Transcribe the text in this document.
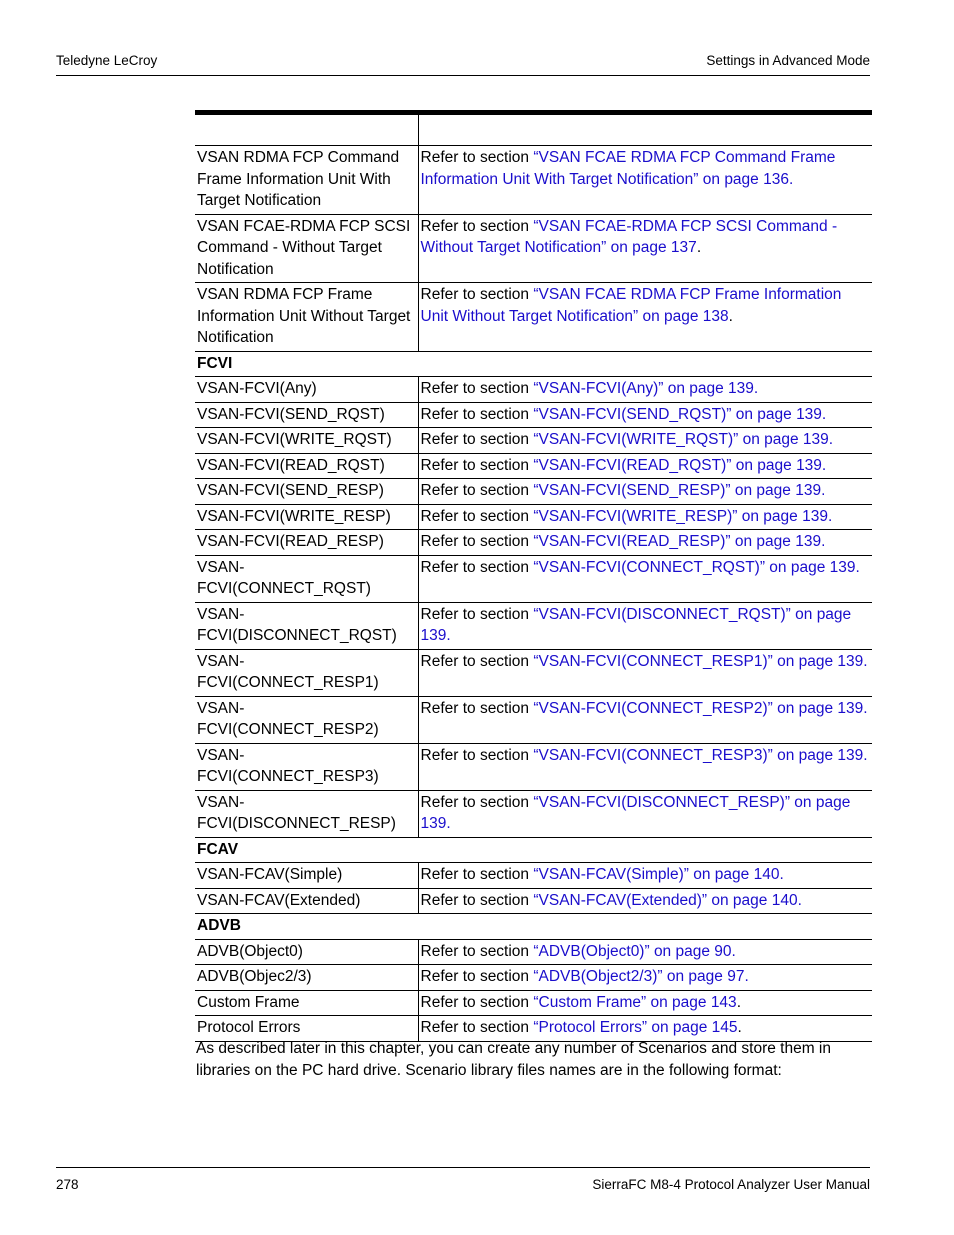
Teledyne LeCroy	Settings in Advanced Mode

VSAN RDMA FCP Command Frame Information Unit With Target Notification	Refer to section “VSAN FCAE RDMA FCP Command Frame Information Unit With Target Notification” on page 136.
VSAN FCAE-RDMA FCP SCSI Command - Without Target Notification	Refer to section “VSAN FCAE-RDMA FCP SCSI Command - Without Target Notification” on page 137.
VSAN RDMA FCP Frame Information Unit Without Target Notification	Refer to section “VSAN FCAE RDMA FCP Frame Information Unit Without Target Notification” on page 138.
FCVI	
VSAN-FCVI(Any)	Refer to section “VSAN-FCVI(Any)” on page 139.
VSAN-FCVI(SEND_RQST)	Refer to section “VSAN-FCVI(SEND_RQST)” on page 139.
VSAN-FCVI(WRITE_RQST)	Refer to section “VSAN-FCVI(WRITE_RQST)” on page 139.
VSAN-FCVI(READ_RQST)	Refer to section “VSAN-FCVI(READ_RQST)” on page 139.
VSAN-FCVI(SEND_RESP)	Refer to section “VSAN-FCVI(SEND_RESP)” on page 139.
VSAN-FCVI(WRITE_RESP)	Refer to section “VSAN-FCVI(WRITE_RESP)” on page 139.
VSAN-FCVI(READ_RESP)	Refer to section “VSAN-FCVI(READ_RESP)” on page 139.
VSAN-FCVI(CONNECT_RQST)	Refer to section “VSAN-FCVI(CONNECT_RQST)” on page 139.
VSAN-FCVI(DISCONNECT_RQST)	Refer to section “VSAN-FCVI(DISCONNECT_RQST)” on page 139.
VSAN-FCVI(CONNECT_RESP1)	Refer to section “VSAN-FCVI(CONNECT_RESP1)” on page 139.
VSAN-FCVI(CONNECT_RESP2)	Refer to section “VSAN-FCVI(CONNECT_RESP2)” on page 139.
VSAN-FCVI(CONNECT_RESP3)	Refer to section “VSAN-FCVI(CONNECT_RESP3)” on page 139.
VSAN-FCVI(DISCONNECT_RESP)	Refer to section “VSAN-FCVI(DISCONNECT_RESP)” on page 139.
FCAV	
VSAN-FCAV(Simple)	Refer to section “VSAN-FCAV(Simple)” on page 140.
VSAN-FCAV(Extended)	Refer to section “VSAN-FCAV(Extended)” on page 140.
ADVB	
ADVB(Object0)	Refer to section “ADVB(Object0)” on page 90.
ADVB(Objec2/3)	Refer to section “ADVB(Object2/3)” on page 97.
Custom Frame	Refer to section “Custom Frame” on page 143.
Protocol Errors	Refer to section “Protocol Errors” on page 145.
As described later in this chapter, you can create any number of Scenarios and store them in libraries on the PC hard drive. Scenario library files names are in the following format:
278	SierraFC M8-4 Protocol Analyzer User Manual
